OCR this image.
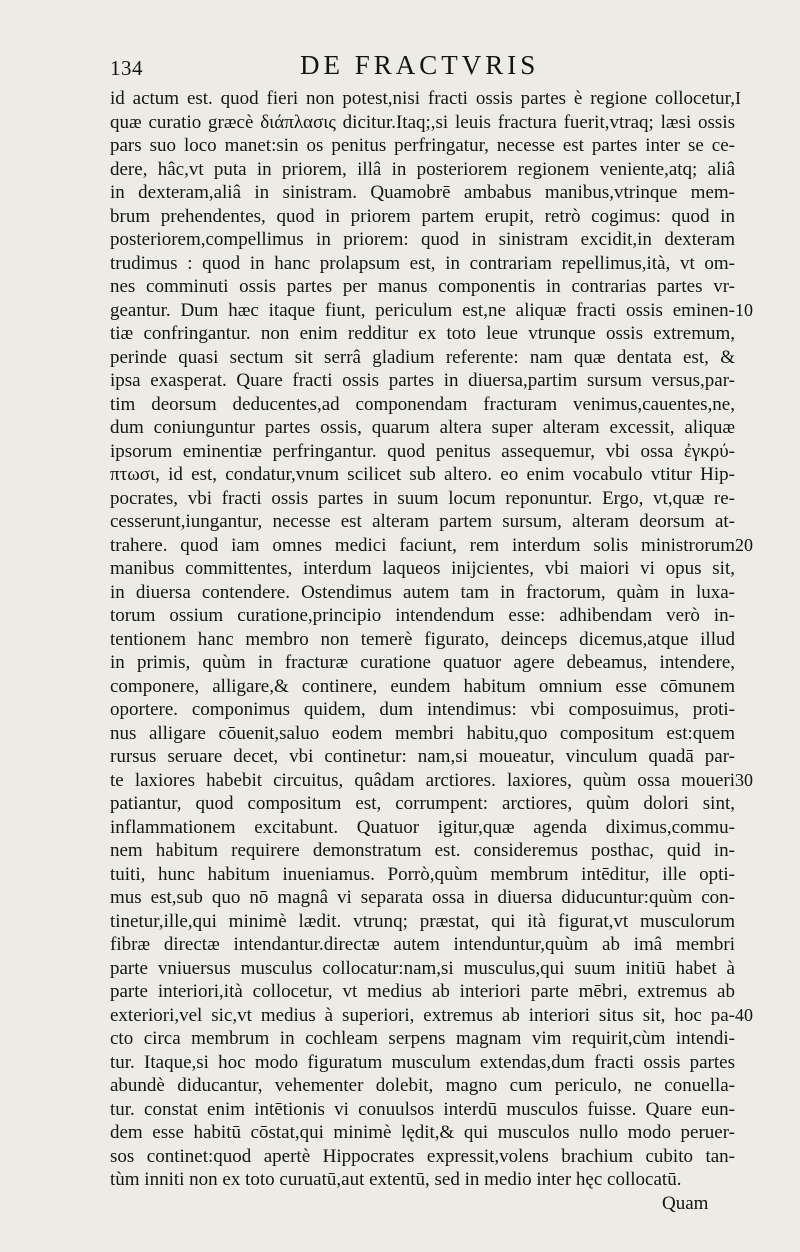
134	DE FRACTVRIS
id actum est. quod fieri non potest,nisi fracti ossis partes è regione collocetur,
quæ curatio græcè διάπλασις dicitur.Itaq;,si leuis fractura fuerit,vtraq; læsi ossis
pars suo loco manet:sin os penitus perfringatur, necesse est partes inter se ce-
dere, hâc,vt puta in priorem, illâ in posteriorem regionem veniente,atq; aliâ
in dexteram,aliâ in sinistram. Quamobrē ambabus manibus,vtrinque mem-
brum prehendentes, quod in priorem partem erupit, retrò cogimus: quod in
posteriorem,compellimus in priorem: quod in sinistram excidit,in dexteram
trudimus : quod in hanc prolapsum est, in contrariam repellimus,ità, vt om-
nes comminuti ossis partes per manus componentis in contrarias partes vr-
geantur. Dum hæc itaque fiunt, periculum est,ne aliquæ fracti ossis eminen-
tiæ confringantur. non enim redditur ex toto leue vtrunque ossis extremum,
perinde quasi sectum sit serrâ gladium referente: nam quæ dentata est, &
ipsa exasperat. Quare fracti ossis partes in diuersa,partim sursum versus,par-
tim deorsum deducentes,ad componendam fracturam venimus,cauentes,ne,
dum coniunguntur partes ossis, quarum altera super alteram excessit, aliquæ
ipsorum eminentiæ perfringantur. quod penitus assequemur, vbi ossa ἐγκρύ-
πτωσι, id est, condatur,vnum scilicet sub altero. eo enim vocabulo vtitur Hip-
pocrates, vbi fracti ossis partes in suum locum reponuntur. Ergo, vt,quæ re-
cesserunt,iungantur, necesse est alteram partem sursum, alteram deorsum at-
trahere. quod iam omnes medici faciunt, rem interdum solis ministrorum
manibus committentes, interdum laqueos inijcientes, vbi maiori vi opus sit,
in diuersa contendere. Ostendimus autem tam in fractorum, quàm in luxa-
torum ossium curatione,principio intendendum esse: adhibendam verò in-
tentionem hanc membro non temerè figurato, deinceps dicemus,atque illud
in primis, quùm in fracturæ curatione quatuor agere debeamus, intendere,
componere, alligare,& continere, eundem habitum omnium esse cōmunem
oportere. componimus quidem, dum intendimus: vbi composuimus, proti-
nus alligare cōuenit,saluo eodem membri habitu,quo compositum est:quem
rursus seruare decet, vbi continetur: nam,si moueatur, vinculum quadā par-
te laxiores habebit circuitus, quâdam arctiores. laxiores, quùm ossa moueri
patiantur, quod compositum est, corrumpent: arctiores, quùm dolori sint,
inflammationem excitabunt. Quatuor igitur,quæ agenda diximus,commu-
nem habitum requirere demonstratum est. consideremus posthac, quid in-
tuiti, hunc habitum inueniamus. Porrò,quùm membrum intēditur, ille opti-
mus est,sub quo nō magnâ vi separata ossa in diuersa diducuntur:quùm con-
tinetur,ille,qui minimè lædit. vtrunq; præstat, qui ità figurat,vt musculorum
fibræ directæ intendantur.directæ autem intenduntur,quùm ab imâ membri
parte vniuersus musculus collocatur:nam,si musculus,qui suum initiū habet à
parte interiori,ità collocetur, vt medius ab interiori parte mēbri, extremus ab
exteriori,vel sic,vt medius à superiori, extremus ab interiori situs sit, hoc pa-
cto circa membrum in cochleam serpens magnam vim requirit,cùm intendi-
tur. Itaque,si hoc modo figuratum musculum extendas,dum fracti ossis partes
abundè diducantur, vehementer dolebit, magno cum periculo, ne conuella-
tur. constat enim intētionis vi conuulsos interdū musculos fuisse. Quare eun-
dem esse habitū cōstat,qui minimè lędit,& qui musculos nullo modo peruer-
sos continet:quod apertè Hippocrates expressit,volens brachium cubito tan-
tùm inniti non ex toto curuatū,aut extentū, sed in medio inter hęc collocatū.
I
10
20
30
40
Quam
